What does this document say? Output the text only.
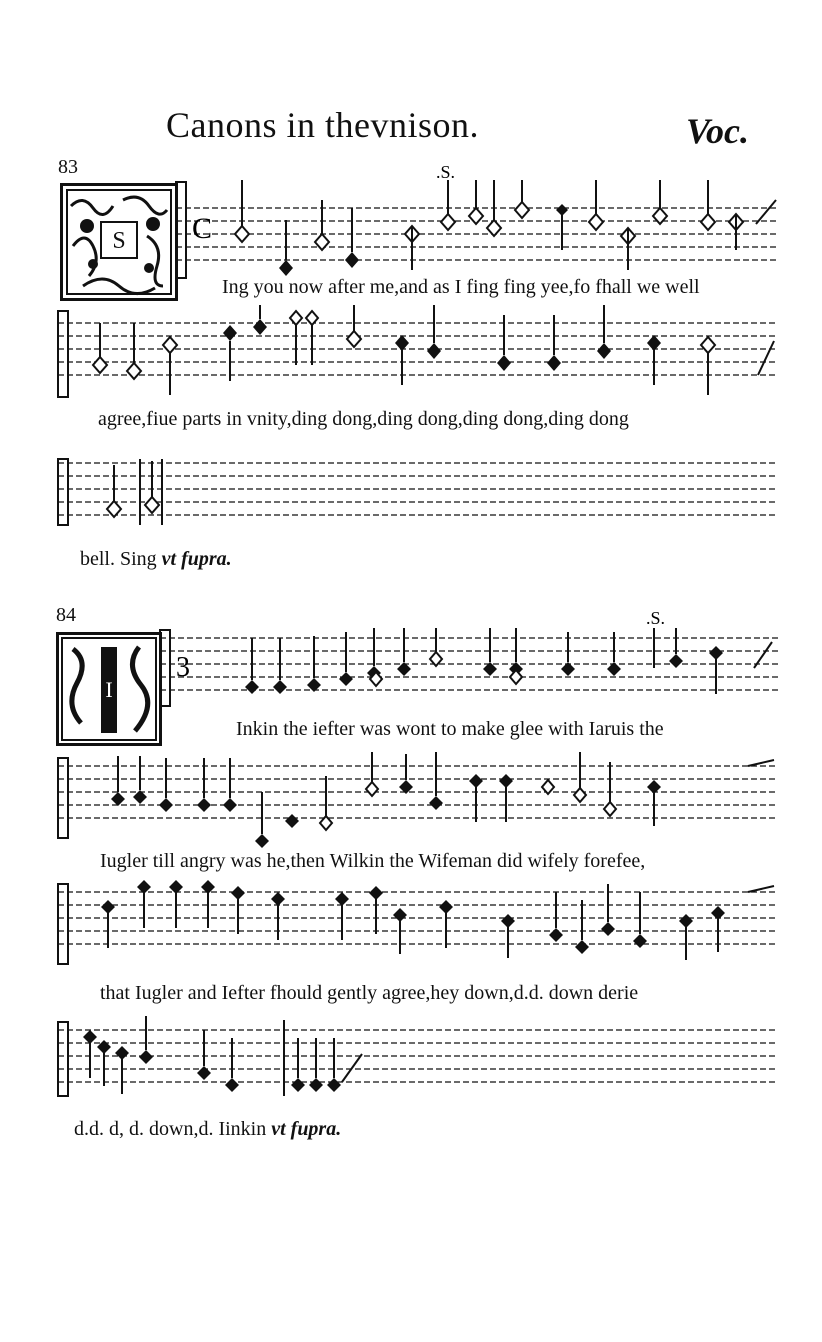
Canons in thevnison.	Voc.
83
S
.S.
C
Ing you now after me,and as I fing fing yee,fo fhall we well
agree,fiue parts in vnity,ding dong,ding dong,ding dong,ding dong
bell. Sing vt fupra.
84
I
.S.
3
Inkin the iefter was wont to make glee with Iaruis the
Iugler till angry was he,then Wilkin the Wifeman did wifely forefee,
that Iugler and Iefter fhould gently agree,hey down,d.d. down derie
d.d. d, d. down,d. Iinkin vt fupra.
